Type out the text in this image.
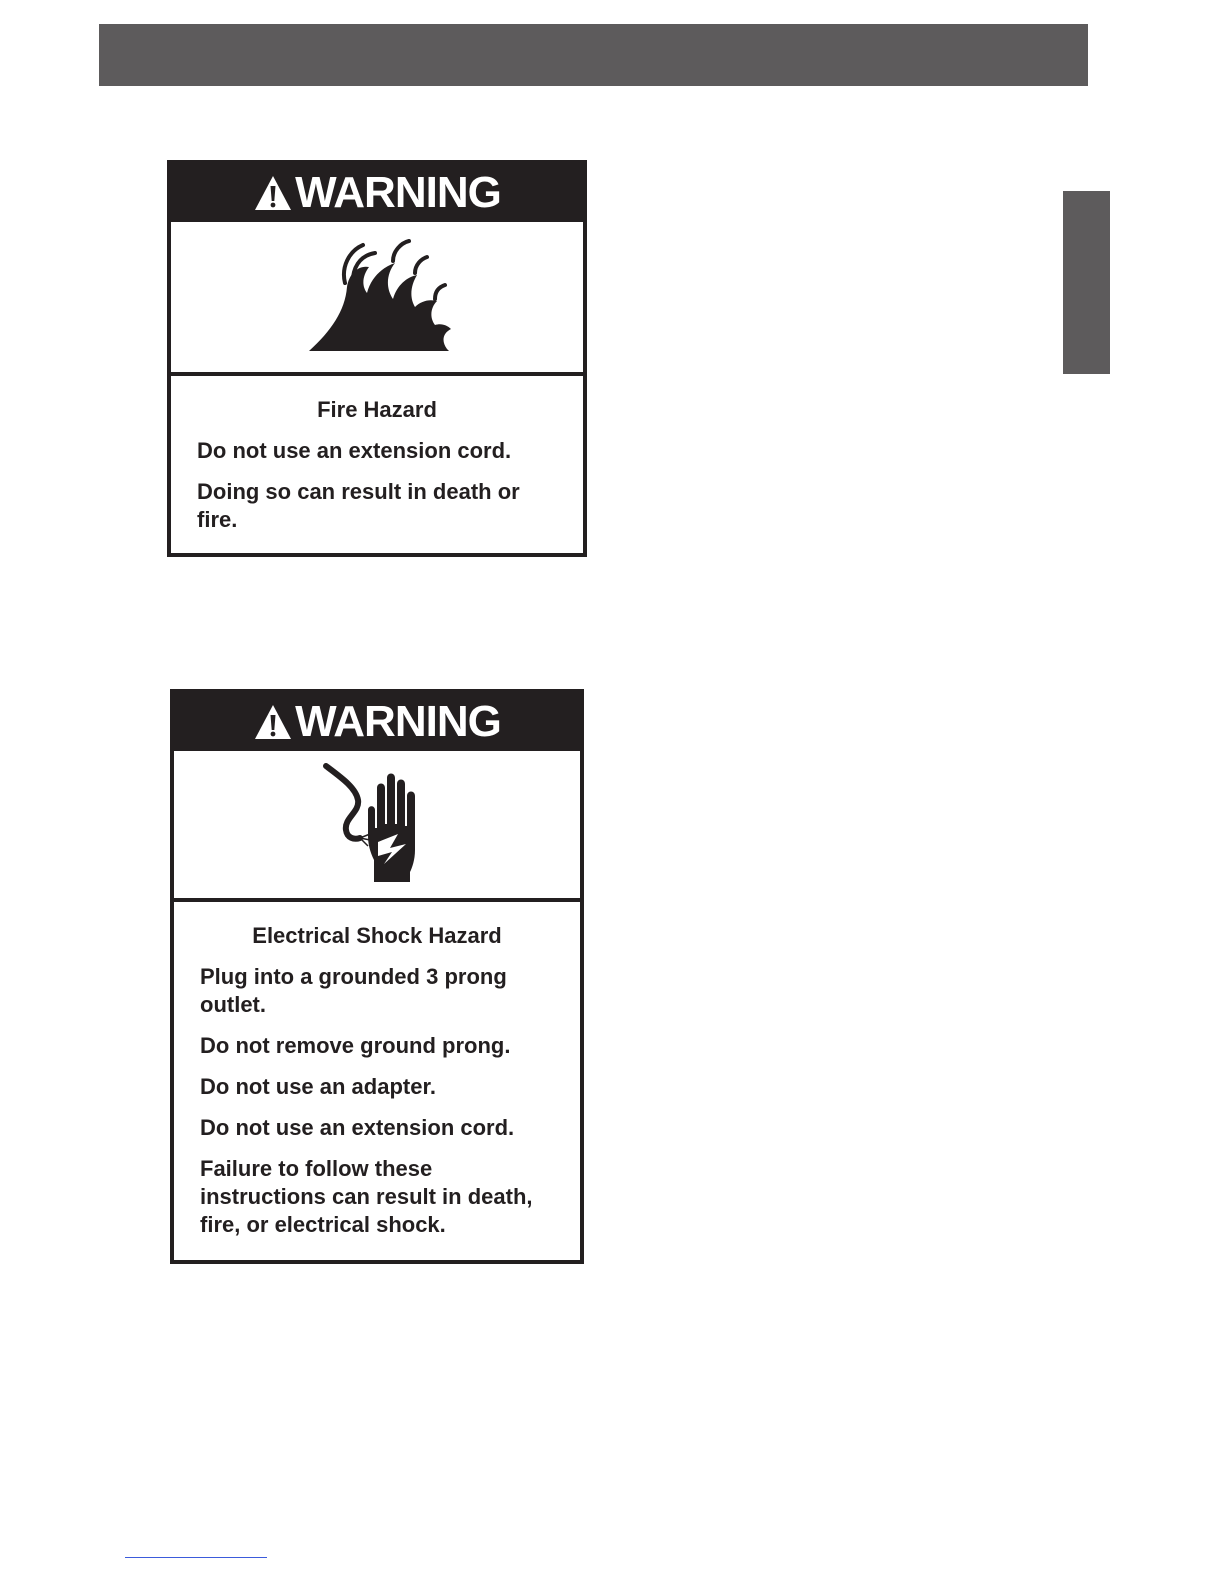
WARNING

Fire Hazard

Do not use an extension cord.

Doing so can result in death or fire.

WARNING

Electrical Shock Hazard

Plug into a grounded 3 prong outlet.

Do not remove ground prong.

Do not use an adapter.

Do not use an extension cord.

Failure to follow these instructions can result in death, fire, or electrical shock.
